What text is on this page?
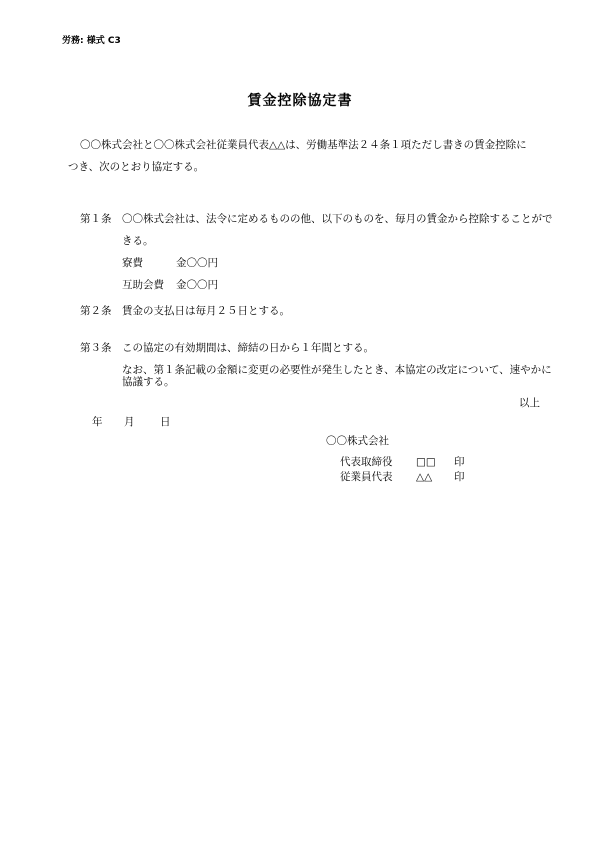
労務: 様式 C3
賃金控除協定書
〇〇株式会社と〇〇株式会社従業員代表△△は、労働基準法２４条１項ただし書きの賃金控除に
つき、次のとおり協定する。
第１条 〇〇株式会社は、法令に定めるものの他、以下のものを、毎月の賃金から控除することがで
きる。
寮費	金〇〇円
互助会費 金〇〇円
第２条 賃金の支払日は毎月２５日とする。
第３条 この協定の有効期間は、締結の日から１年間とする。
なお、第１条記載の金額に変更の必要性が発生したとき、本協定の改定について、速やかに
協議する。
以上
年 月 日
〇〇株式会社
代表取締役 □□ 印
従業員代表 △△ 印
